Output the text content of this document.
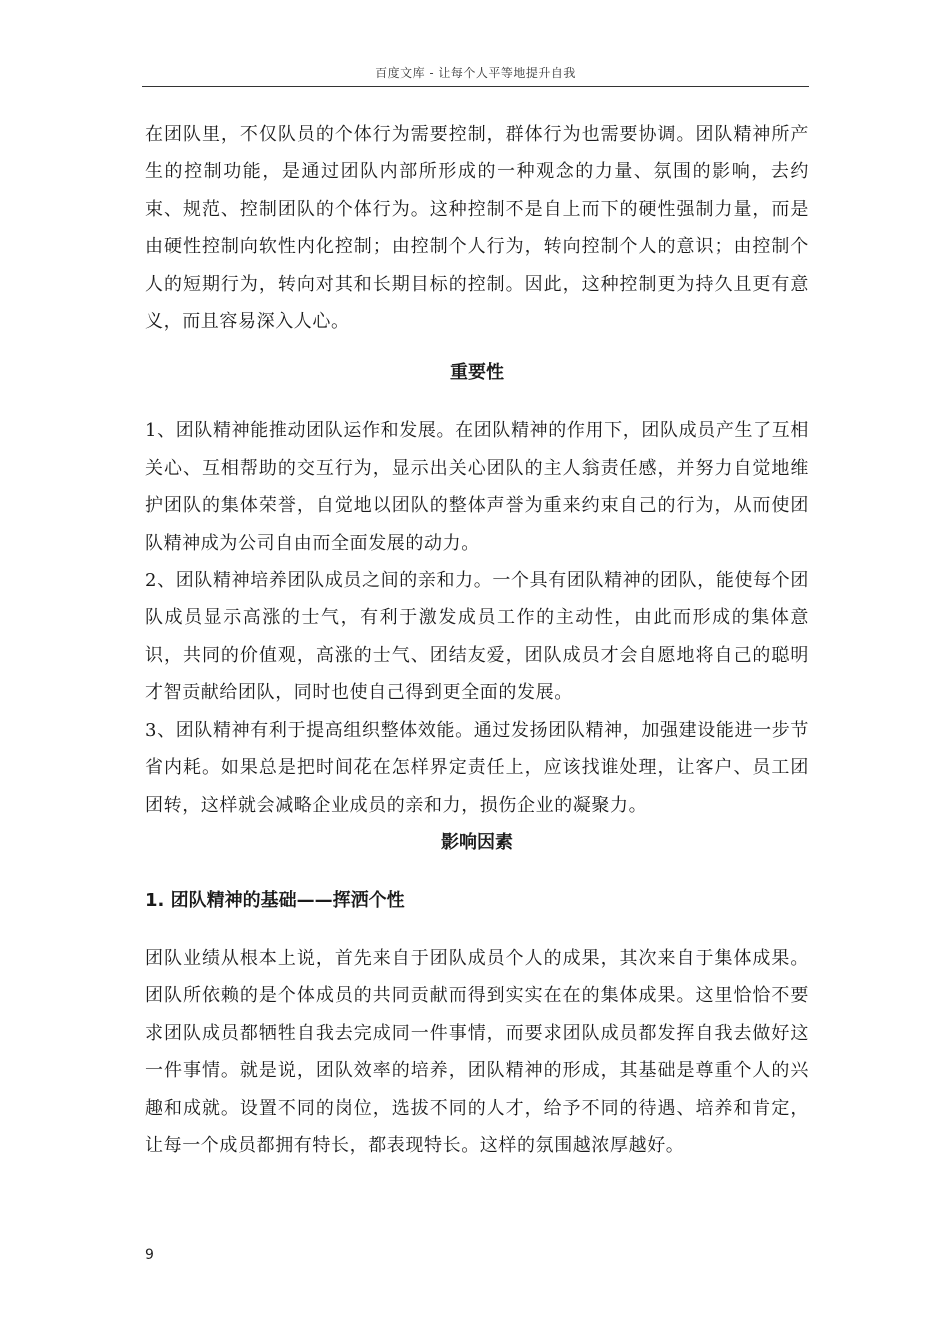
百度文库 - 让每个人平等地提升自我

在团队里，不仅队员的个体行为需要控制，群体行为也需要协调。团队精神所产生的控制功能，是通过团队内部所形成的一种观念的力量、氛围的影响，去约束、规范、控制团队的个体行为。这种控制不是自上而下的硬性强制力量，而是由硬性控制向软性内化控制；由控制个人行为，转向控制个人的意识；由控制个人的短期行为，转向对其和长期目标的控制。因此，这种控制更为持久且更有意义，而且容易深入人心。

重要性

1、团队精神能推动团队运作和发展。在团队精神的作用下，团队成员产生了互相关心、互相帮助的交互行为，显示出关心团队的主人翁责任感，并努力自觉地维护团队的集体荣誉，自觉地以团队的整体声誉为重来约束自己的行为，从而使团队精神成为公司自由而全面发展的动力。

2、团队精神培养团队成员之间的亲和力。一个具有团队精神的团队，能使每个团队成员显示高涨的士气，有利于激发成员工作的主动性，由此而形成的集体意识，共同的价值观，高涨的士气、团结友爱，团队成员才会自愿地将自己的聪明才智贡献给团队，同时也使自己得到更全面的发展。

3、团队精神有利于提高组织整体效能。通过发扬团队精神，加强建设能进一步节省内耗。如果总是把时间花在怎样界定责任上，应该找谁处理，让客户、员工团团转，这样就会减略企业成员的亲和力，损伤企业的凝聚力。

影响因素
1. 团队精神的基础——挥洒个性

团队业绩从根本上说，首先来自于团队成员个人的成果，其次来自于集体成果。团队所依赖的是个体成员的共同贡献而得到实实在在的集体成果。这里恰恰不要求团队成员都牺牲自我去完成同一件事情，而要求团队成员都发挥自我去做好这一件事情。就是说，团队效率的培养，团队精神的形成，其基础是尊重个人的兴趣和成就。设置不同的岗位，选拔不同的人才，给予不同的待遇、培养和肯定，让每一个成员都拥有特长，都表现特长。这样的氛围越浓厚越好。

9
